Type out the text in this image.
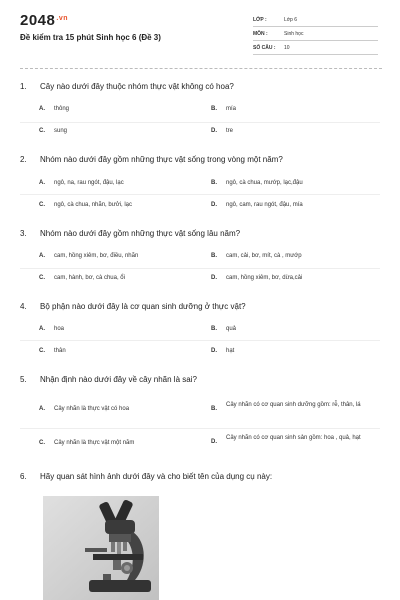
$2048^{.vn}$
Đề kiểm tra 15 phút Sinh học 6 (Đề 3)
LỚP :	Lớp 6
MÔN :	Sinh học
SỐ CÂU : 10
1.	Cây nào dưới đây thuộc nhóm thực vật không có hoa?
A. thông	B. mía
C. sung	D. tre
2.	Nhóm nào dưới đây gồm những thực vật sống trong vòng một năm?
A. ngô, na, rau ngót, đậu, lạc	B. ngô, cà chua, mướp, lạc,đậu
C. ngô, cà chua, nhãn, bưởi, lạc	D. ngô, cam, rau ngót, đậu, mía
3.	Nhóm nào dưới đây gồm những thực vật sống lâu năm?
A. cam, hồng xiêm, bơ, điều, nhãn	B. cam, cải, bơ, mít, cà , mướp
C. cam, hành, bơ, cà chua, ổi	D. cam, hồng xiêm, bơ, dừa,cải
4.	Bộ phận nào dưới đây là cơ quan sinh dưỡng ở thực vật?
A. hoa	B. quả
C. thân	D. hạt
5.	Nhận định nào dưới đây về cây nhãn là sai?
A. Cây nhãn là thực vật có hoa	B.
Cây nhãn có cơ quan sinh dưỡng gồm: rễ, thân, lá
C. Cây nhãn là thực vật một năm	D.
Cây nhãn có cơ quan sinh sản gồm: hoa , quả, hạt
6.	Hãy quan sát hình ảnh dưới đây và cho biết tên của dụng cụ này:
